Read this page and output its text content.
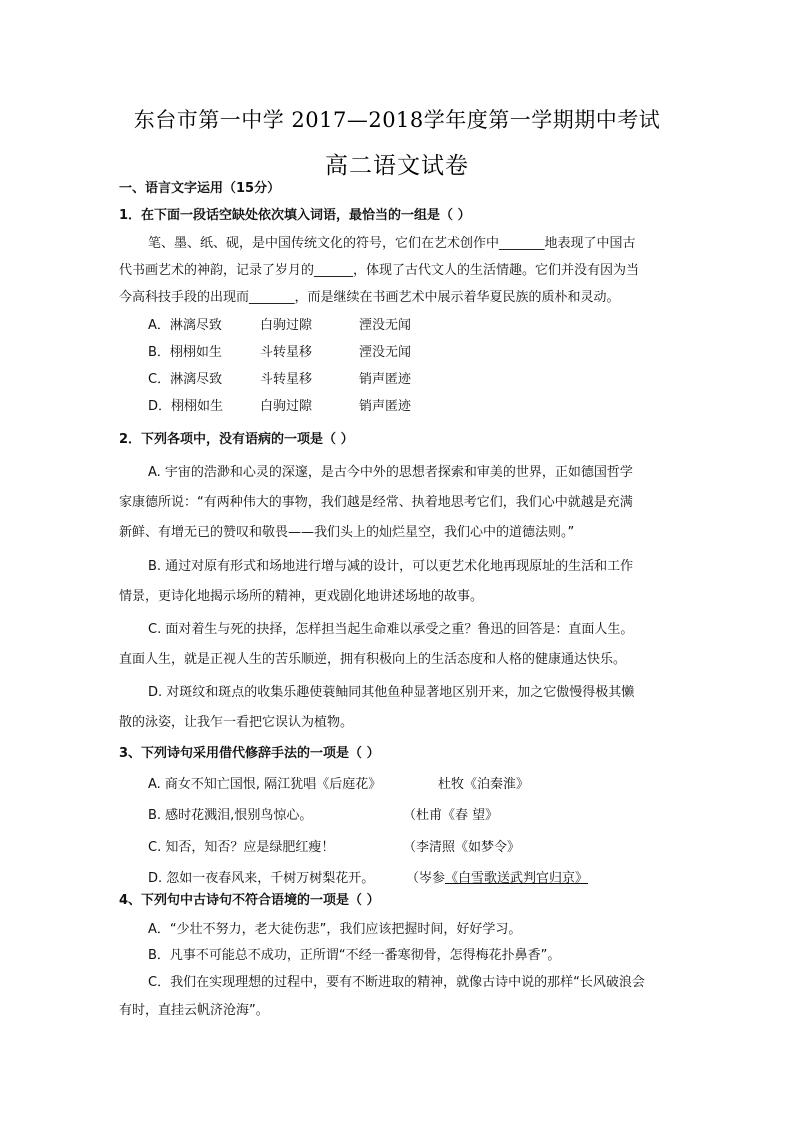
东台市第一中学 2017—2018学年度第一学期期中考试
高二语文试卷
一、语言文字运用（15分）
1．在下面一段话空缺处依次填入词语，最恰当的一组是（ ）
笔、墨、纸、砚，是中国传统文化的符号，它们在艺术创作中_______地表现了中国古
代书画艺术的神韵，记录了岁月的______，体现了古代文人的生活情趣。它们并没有因为当
今高科技手段的出现而_______，而是继续在书画艺术中展示着华夏民族的质朴和灵动。
A．淋漓尽致	白驹过隙	湮没无闻
B．栩栩如生	斗转星移	湮没无闻
C．淋漓尽致	斗转星移	销声匿迹
D．栩栩如生	白驹过隙	销声匿迹
2．下列各项中，没有语病的一项是（ ）
A. 宇宙的浩渺和心灵的深邃，是古今中外的思想者探索和审美的世界，正如德国哲学
家康德所说：“有两种伟大的事物，我们越是经常、执着地思考它们，我们心中就越是充满
新鲜、有增无已的赞叹和敬畏——我们头上的灿烂星空，我们心中的道德法则。”
B. 通过对原有形式和场地进行增与减的设计，可以更艺术化地再现原址的生活和工作
情景，更诗化地揭示场所的精神，更戏剧化地讲述场地的故事。
C. 面对着生与死的抉择，怎样担当起生命难以承受之重？鲁迅的回答是：直面人生。
直面人生，就是正视人生的苦乐顺逆，拥有积极向上的生活态度和人格的健康通达快乐。
D. 对斑纹和斑点的收集乐趣使蓑鲉同其他鱼种显著地区别开来，加之它傲慢得极其懒
散的泳姿，让我乍一看把它误认为植物。
3、下列诗句采用借代修辞手法的一项是（ ）
A. 商女不知亡国恨, 隔江犹唱《后庭花》	杜牧《泊秦淮》
B. 感时花溅泪,恨别鸟惊心。	（杜甫《春 望》
C. 知否，知否？应是绿肥红瘦！	（李清照《如梦令》
D. 忽如一夜春风来，千树万树梨花开。 （岑参《白雪歌送武判官归京》
4、下列句中古诗句不符合语境的一项是（ ）
A．“少壮不努力，老大徒伤悲”，我们应该把握时间，好好学习。
B．凡事不可能总不成功，正所谓“不经一番寒彻骨，怎得梅花扑鼻香”。
C．我们在实现理想的过程中，要有不断进取的精神，就像古诗中说的那样“长风破浪会
有时，直挂云帆济沧海”。
